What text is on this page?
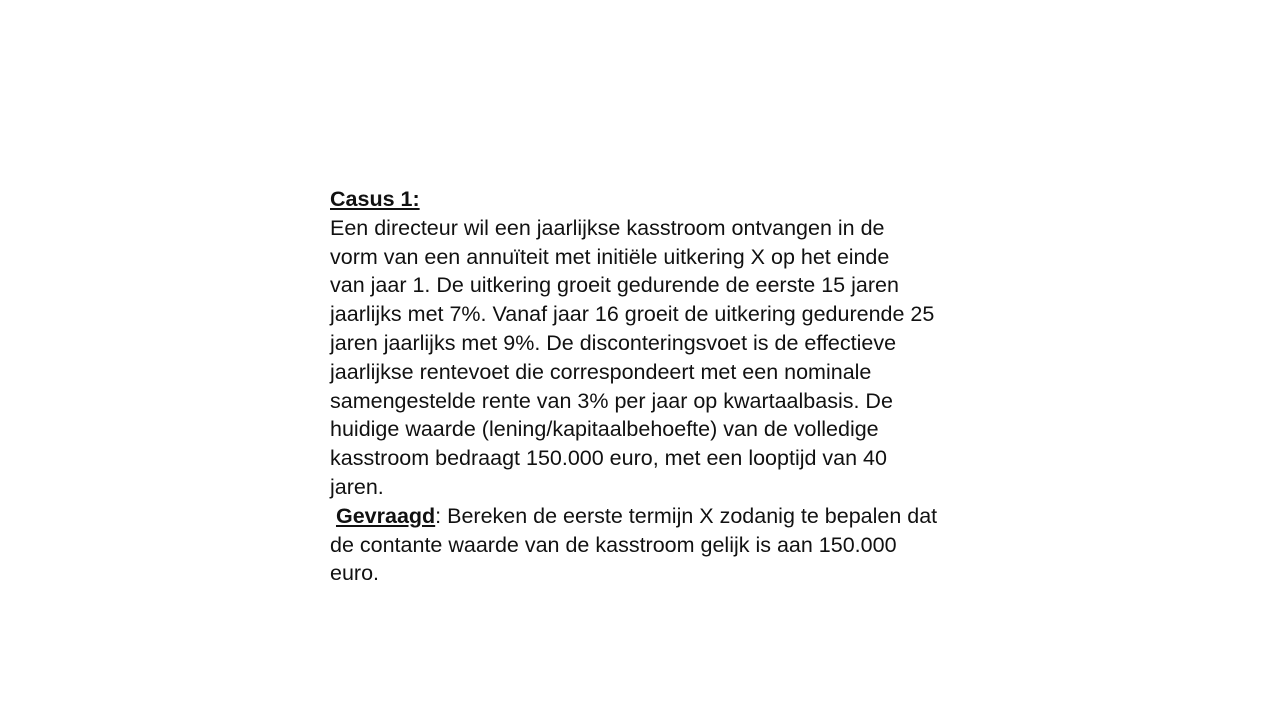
Casus 1:
Een directeur wil een jaarlijkse kasstroom ontvangen in de
vorm van een annuïteit met initiële uitkering X op het einde
van jaar 1. De uitkering groeit gedurende de eerste 15 jaren
jaarlijks met 7%. Vanaf jaar 16 groeit de uitkering gedurende 25
jaren jaarlijks met 9%. De disconteringsvoet is de effectieve
jaarlijkse rentevoet die correspondeert met een nominale
samengestelde rente van 3% per jaar op kwartaalbasis. De
huidige waarde (lening/kapitaalbehoefte) van de volledige
kasstroom bedraagt 150.000 euro, met een looptijd van 40
jaren.
Gevraagd: Bereken de eerste termijn X zodanig te bepalen dat
de contante waarde van de kasstroom gelijk is aan 150.000
euro.
